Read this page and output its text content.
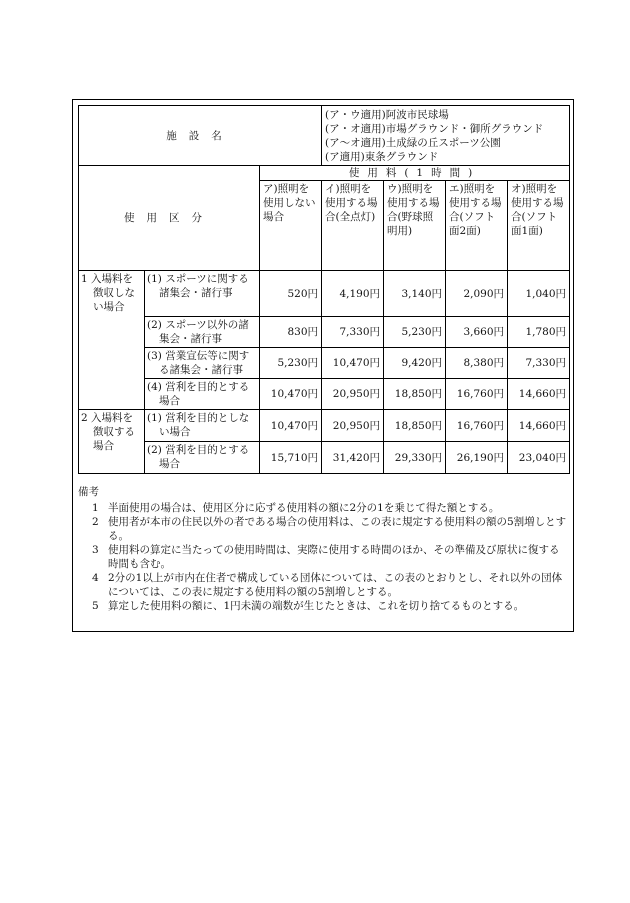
施設名			(ア・ウ適用)阿波市民球場
(ア・オ適用)市場グラウンド・御所グラウンド
(ア〜オ適用)土成緑の丘スポーツ公園
(ア適用)東条グラウンド			

使用区分		使用料(1時間)				
		ア)照明を使用しない場合	イ)照明を使用する場合(全点灯)	ウ)照明を使用する場合(野球照明用)	エ)照明を使用する場合(ソフト面2面)	オ)照明を使用する場合(ソフト面1面)
1 入場料を徴収しない場合	(1) スポーツに関する諸集会・諸行事	520円	4,190円	3,140円	2,090円	1,040円
	(2) スポーツ以外の諸集会・諸行事	830円	7,330円	5,230円	3,660円	1,780円
	(3) 営業宣伝等に関する諸集会・諸行事	5,230円	10,470円	9,420円	8,380円	7,330円
	(4) 営利を目的とする場合	10,470円	20,950円	18,850円	16,760円	14,660円
2 入場料を徴収する場合	(1) 営利を目的としない場合	10,470円	20,950円	18,850円	16,760円	14,660円
	(2) 営利を目的とする場合	15,710円	31,420円	29,330円	26,190円	23,040円
備考
1 半面使用の場合は、使用区分に応ずる使用料の額に2分の1を乗じて得た額とする。
2 使用者が本市の住民以外の者である場合の使用料は、この表に規定する使用料の額の5割増しとする。
3 使用料の算定に当たっての使用時間は、実際に使用する時間のほか、その準備及び原状に復する時間も含む。
4 2分の1以上が市内在住者で構成している団体については、この表のとおりとし、それ以外の団体については、この表に規定する使用料の額の5割増しとする。
5 算定した使用料の額に、1円未満の端数が生じたときは、これを切り捨てるものとする。
